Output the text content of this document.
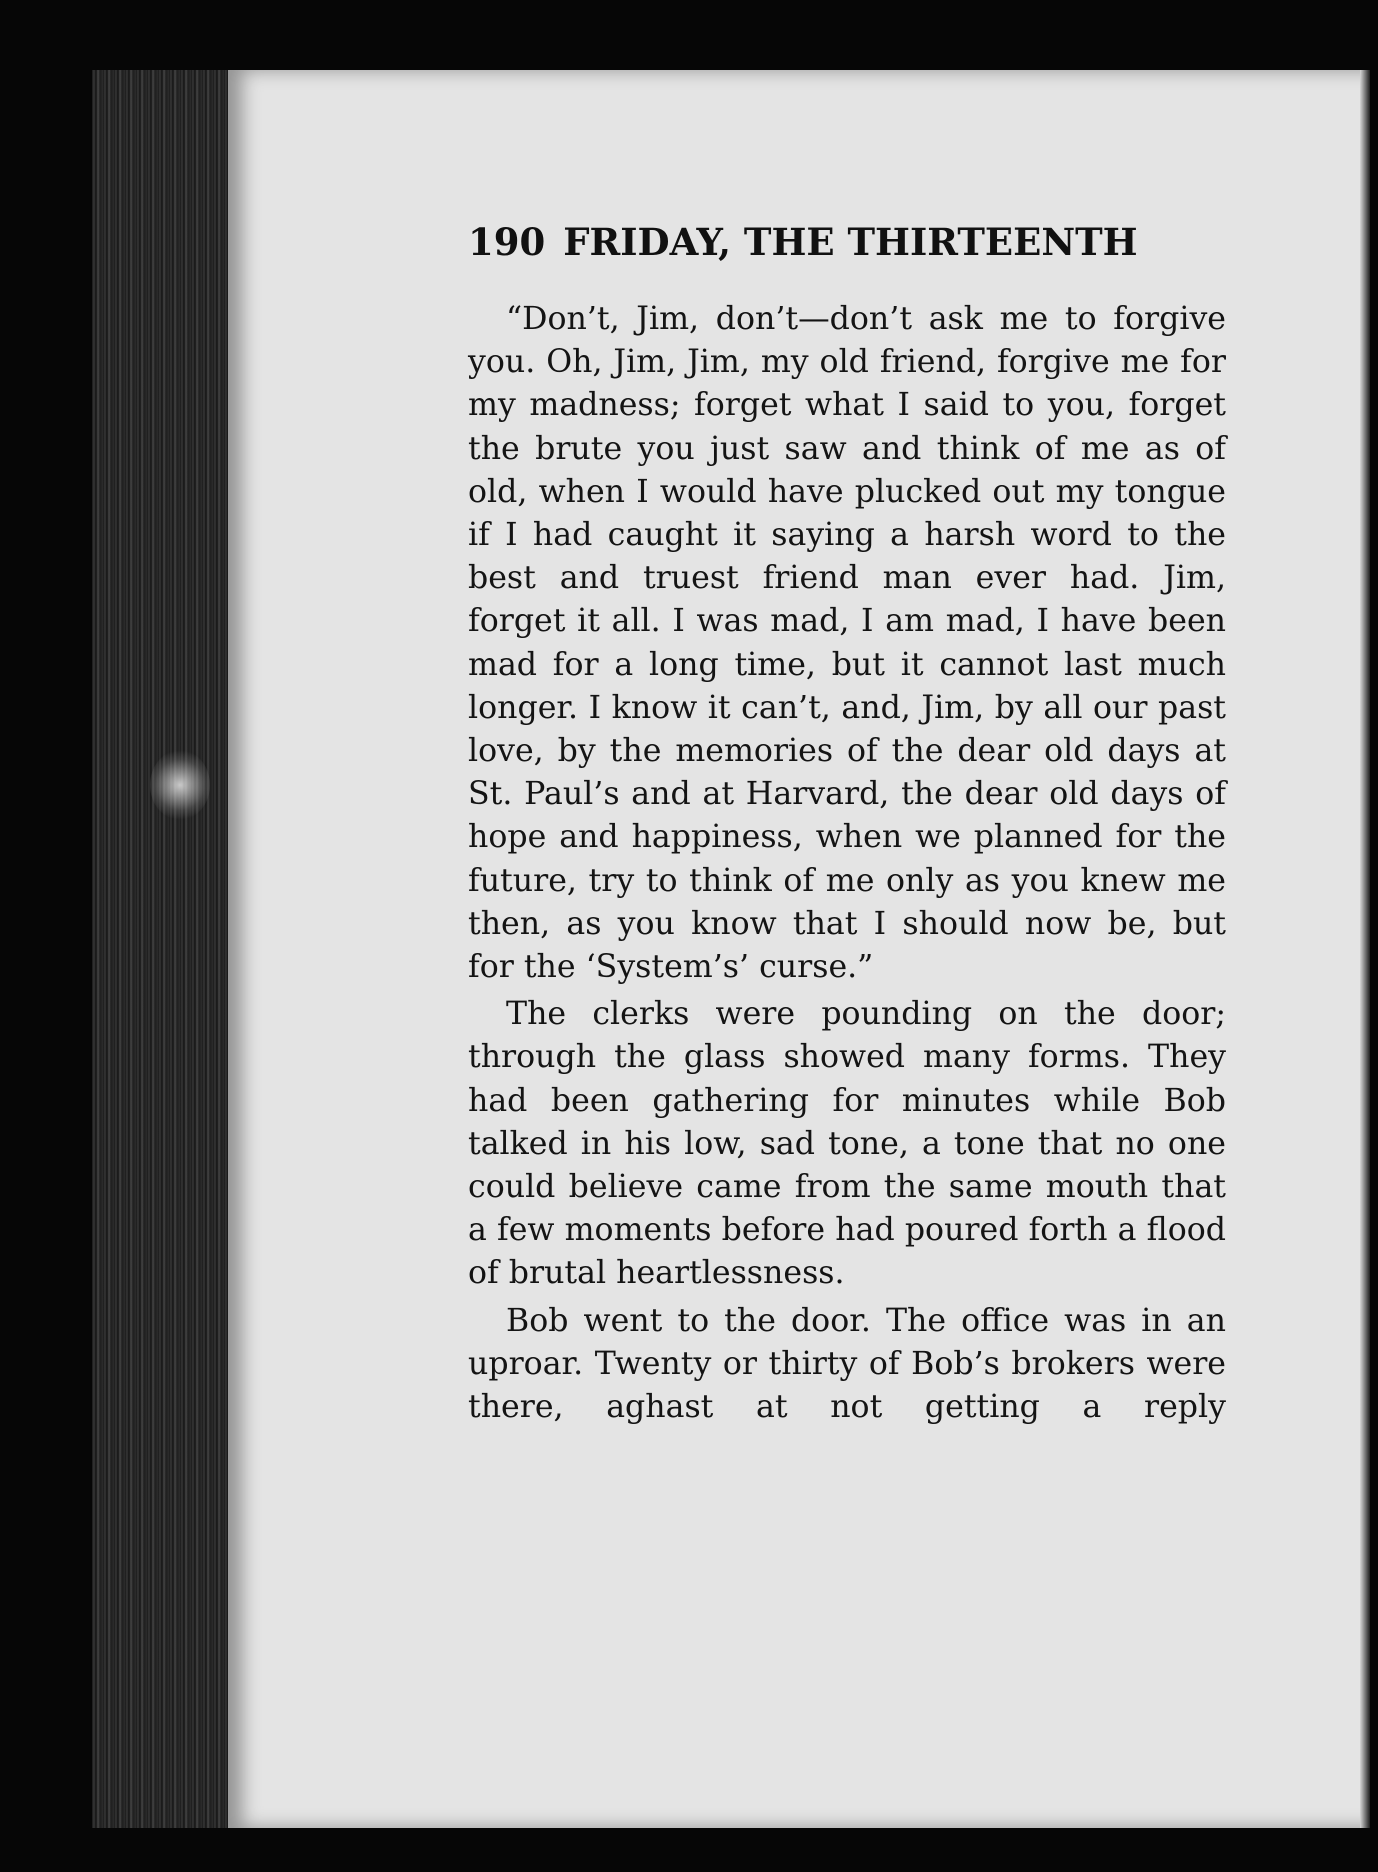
190 FRIDAY, THE THIRTEENTH

“Don’t, Jim, don’t—don’t ask me to forgive you. Oh, Jim, Jim, my old friend, forgive me for my madness; forget what I said to you, forget the brute you just saw and think of me as of old, when I would have plucked out my tongue if I had caught it saying a harsh word to the best and truest friend man ever had. Jim, forget it all. I was mad, I am mad, I have been mad for a long time, but it cannot last much longer. I know it can’t, and, Jim, by all our past love, by the memories of the dear old days at St. Paul’s and at Harvard, the dear old days of hope and happiness, when we planned for the future, try to think of me only as you knew me then, as you know that I should now be, but for the ‘System’s’ curse.”

The clerks were pounding on the door; through the glass showed many forms. They had been gathering for minutes while Bob talked in his low, sad tone, a tone that no one could believe came from the same mouth that a few moments before had poured forth a flood of brutal heartlessness.

Bob went to the door. The office was in an uproar. Twenty or thirty of Bob’s brokers were there, aghast at not getting a reply
